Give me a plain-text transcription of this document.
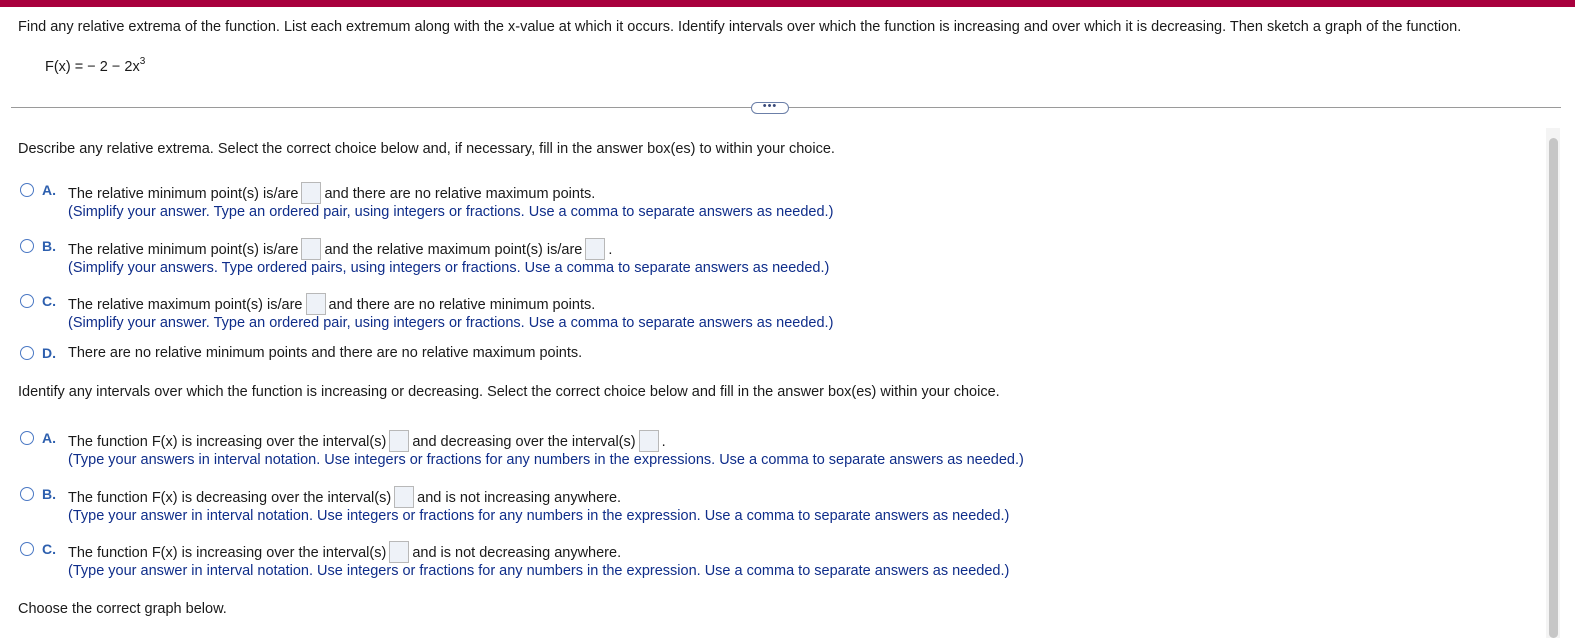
Find any relative extrema of the function. List each extremum along with the x-value at which it occurs. Identify intervals over which the function is increasing and over which it is decreasing. Then sketch a graph of the function.
F(x) = − $2 - 2x^3$
•••
Describe any relative extrema. Select the correct choice below and, if necessary, fill in the answer box(es) to within your choice.
A. The relative minimum point(s) is/are and there are no relative maximum points.
(Simplify your answer. Type an ordered pair, using integers or fractions. Use a comma to separate answers as needed.)
B. The relative minimum point(s) is/are and the relative maximum point(s) is/are .
(Simplify your answers. Type ordered pairs, using integers or fractions. Use a comma to separate answers as needed.)
C. The relative maximum point(s) is/are and there are no relative minimum points.
(Simplify your answer. Type an ordered pair, using integers or fractions. Use a comma to separate answers as needed.)
D. There are no relative minimum points and there are no relative maximum points.
Identify any intervals over which the function is increasing or decreasing. Select the correct choice below and fill in the answer box(es) within your choice.
A. The function F(x) is increasing over the interval(s) and decreasing over the interval(s) .
(Type your answers in interval notation. Use integers or fractions for any numbers in the expressions. Use a comma to separate answers as needed.)
B. The function F(x) is decreasing over the interval(s) and is not increasing anywhere.
(Type your answer in interval notation. Use integers or fractions for any numbers in the expression. Use a comma to separate answers as needed.)
C. The function F(x) is increasing over the interval(s) and is not decreasing anywhere.
(Type your answer in interval notation. Use integers or fractions for any numbers in the expression. Use a comma to separate answers as needed.)
Choose the correct graph below.
